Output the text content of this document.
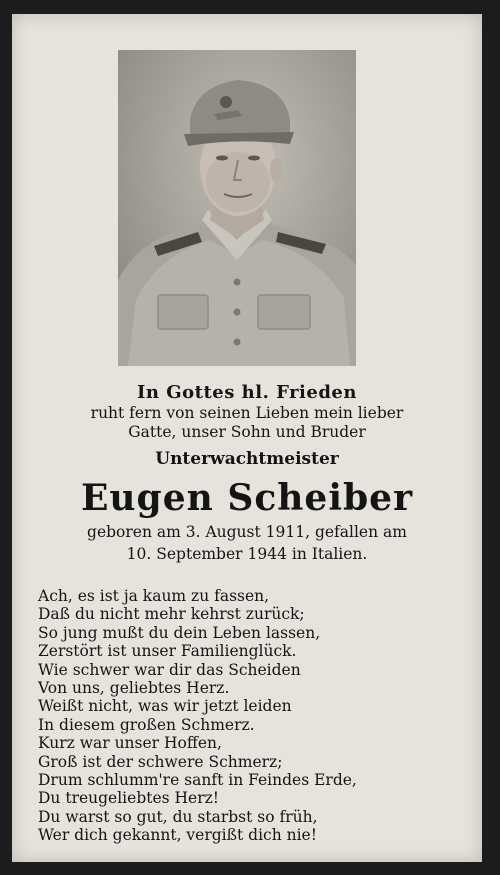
In Gottes hl. Frieden
ruht fern von seinen Lieben mein lieber
Gatte, unser Sohn und Bruder
Unterwachtmeister
Eugen Scheiber
geboren am 3. August 1911, gefallen am
10. September 1944 in Italien.
Ach, es ist ja kaum zu fassen,
Daß du nicht mehr kehrst zurück;
So jung mußt du dein Leben lassen,
Zerstört ist unser Familienglück.
Wie schwer war dir das Scheiden
Von uns, geliebtes Herz.
Weißt nicht, was wir jetzt leiden
In diesem großen Schmerz.
Kurz war unser Hoffen,
Groß ist der schwere Schmerz;
Drum schlumm're sanft in Feindes Erde,
Du treugeliebtes Herz!
Du warst so gut, du starbst so früh,
Wer dich gekannt, vergißt dich nie!
